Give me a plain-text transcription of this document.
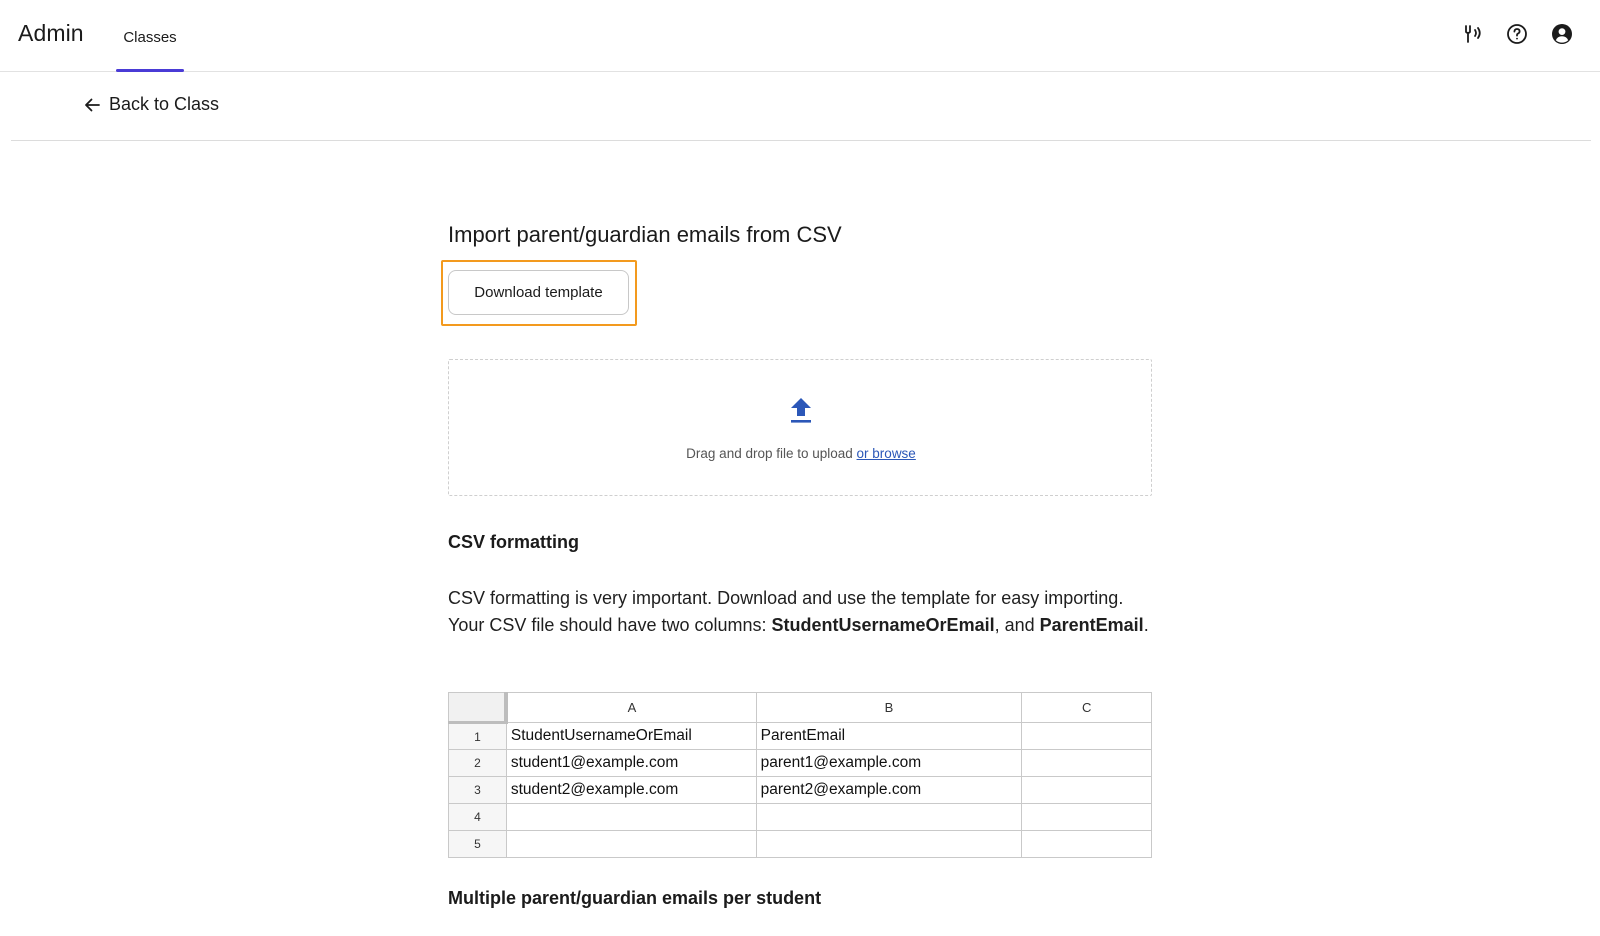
Admin	Classes
Back to Class
Import parent/guardian emails from CSV
Download template
Drag and drop file to upload or browse
CSV formatting
CSV formatting is very important. Download and use the template for easy importing. Your CSV file should have two columns: StudentUsernameOrEmail, and ParentEmail.
	A	B	C
1	StudentUsernameOrEmail	ParentEmail	
2	student1@example.com	parent1@example.com	
3	student2@example.com	parent2@example.com	
4			
5			
Multiple parent/guardian emails per student
